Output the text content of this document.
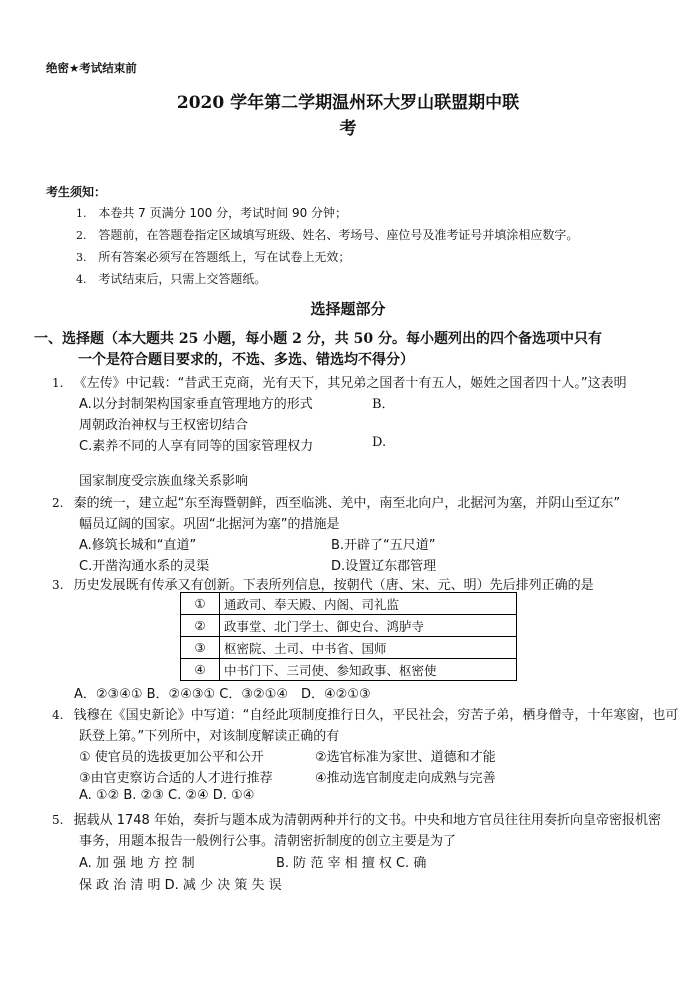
绝密★考试结束前
2020 学年第二学期温州环大罗山联盟期中联
考
考生须知：
1. 本卷共 7 页满分 100 分，考试时间 90 分钟；
2. 答题前，在答题卷指定区域填写班级、姓名、考场号、座位号及准考证号并填涂相应数字。
3. 所有答案必须写在答题纸上，写在试卷上无效；
4. 考试结束后，只需上交答题纸。
选择题部分
一、选择题（本大题共 25 小题，每小题 2 分，共 50 分。每小题列出的四个备选项中只有
一个是符合题目要求的，不选、多选、错选均不得分）
1. 《左传》中记载：“昔武王克商，光有天下，其兄弟之国者十有五人，姬姓之国者四十人。”这表明
A.以分封制架构国家垂直管理地方的形式	B．
周朝政治神权与王权密切结合
C.素养不同的人享有同等的国家管理权力	D.
国家制度受宗族血缘关系影响
2. 秦的统一，建立起“东至海暨朝鲜，西至临洮、羌中，南至北向户，北据河为塞，并阴山至辽东”
幅员辽阔的国家。巩固“北据河为塞”的措施是
A.修筑长城和“直道”	B.开辟了“五尺道”
C.开凿沟通水系的灵渠	D.设置辽东郡管理
3. 历史发展既有传承又有创新。下表所列信息，按朝代（唐、宋、元、明）先后排列正确的是
①	通政司、奉天殿、内阁、司礼监
②	政事堂、北门学士、御史台、鸿胪寺
③	枢密院、土司、中书省、国师
④	中书门下、三司使、参知政事、枢密使
A．②③④① B．②④③① C．③②①④　D．④②①③
4. 钱穆在《国史新论》中写道：“自经此项制度推行日久，平民社会，穷苦子弟，栖身僧寺，十年寒窗，也可
跃登上第。”下列所中，对该制度解读正确的有
① 使官员的选拔更加公平和公开	②选官标准为家世、道德和才能
③由官吏察访合适的人才进行推荐	④推动选官制度走向成熟与完善
A. ①② B. ②③ C. ②④ D. ①④
5. 据载从 1748 年始，奏折与题本成为清朝两种并行的文书。中央和地方官员往往用奏折向皇帝密报机密
事务，用题本报告一般例行公事。清朝密折制度的创立主要是为了
A. 加 强 地 方 控 制	B. 防 范 宰 相 擅 权 C. 确
保 政 治 清 明 D. 减 少 决 策 失 误
